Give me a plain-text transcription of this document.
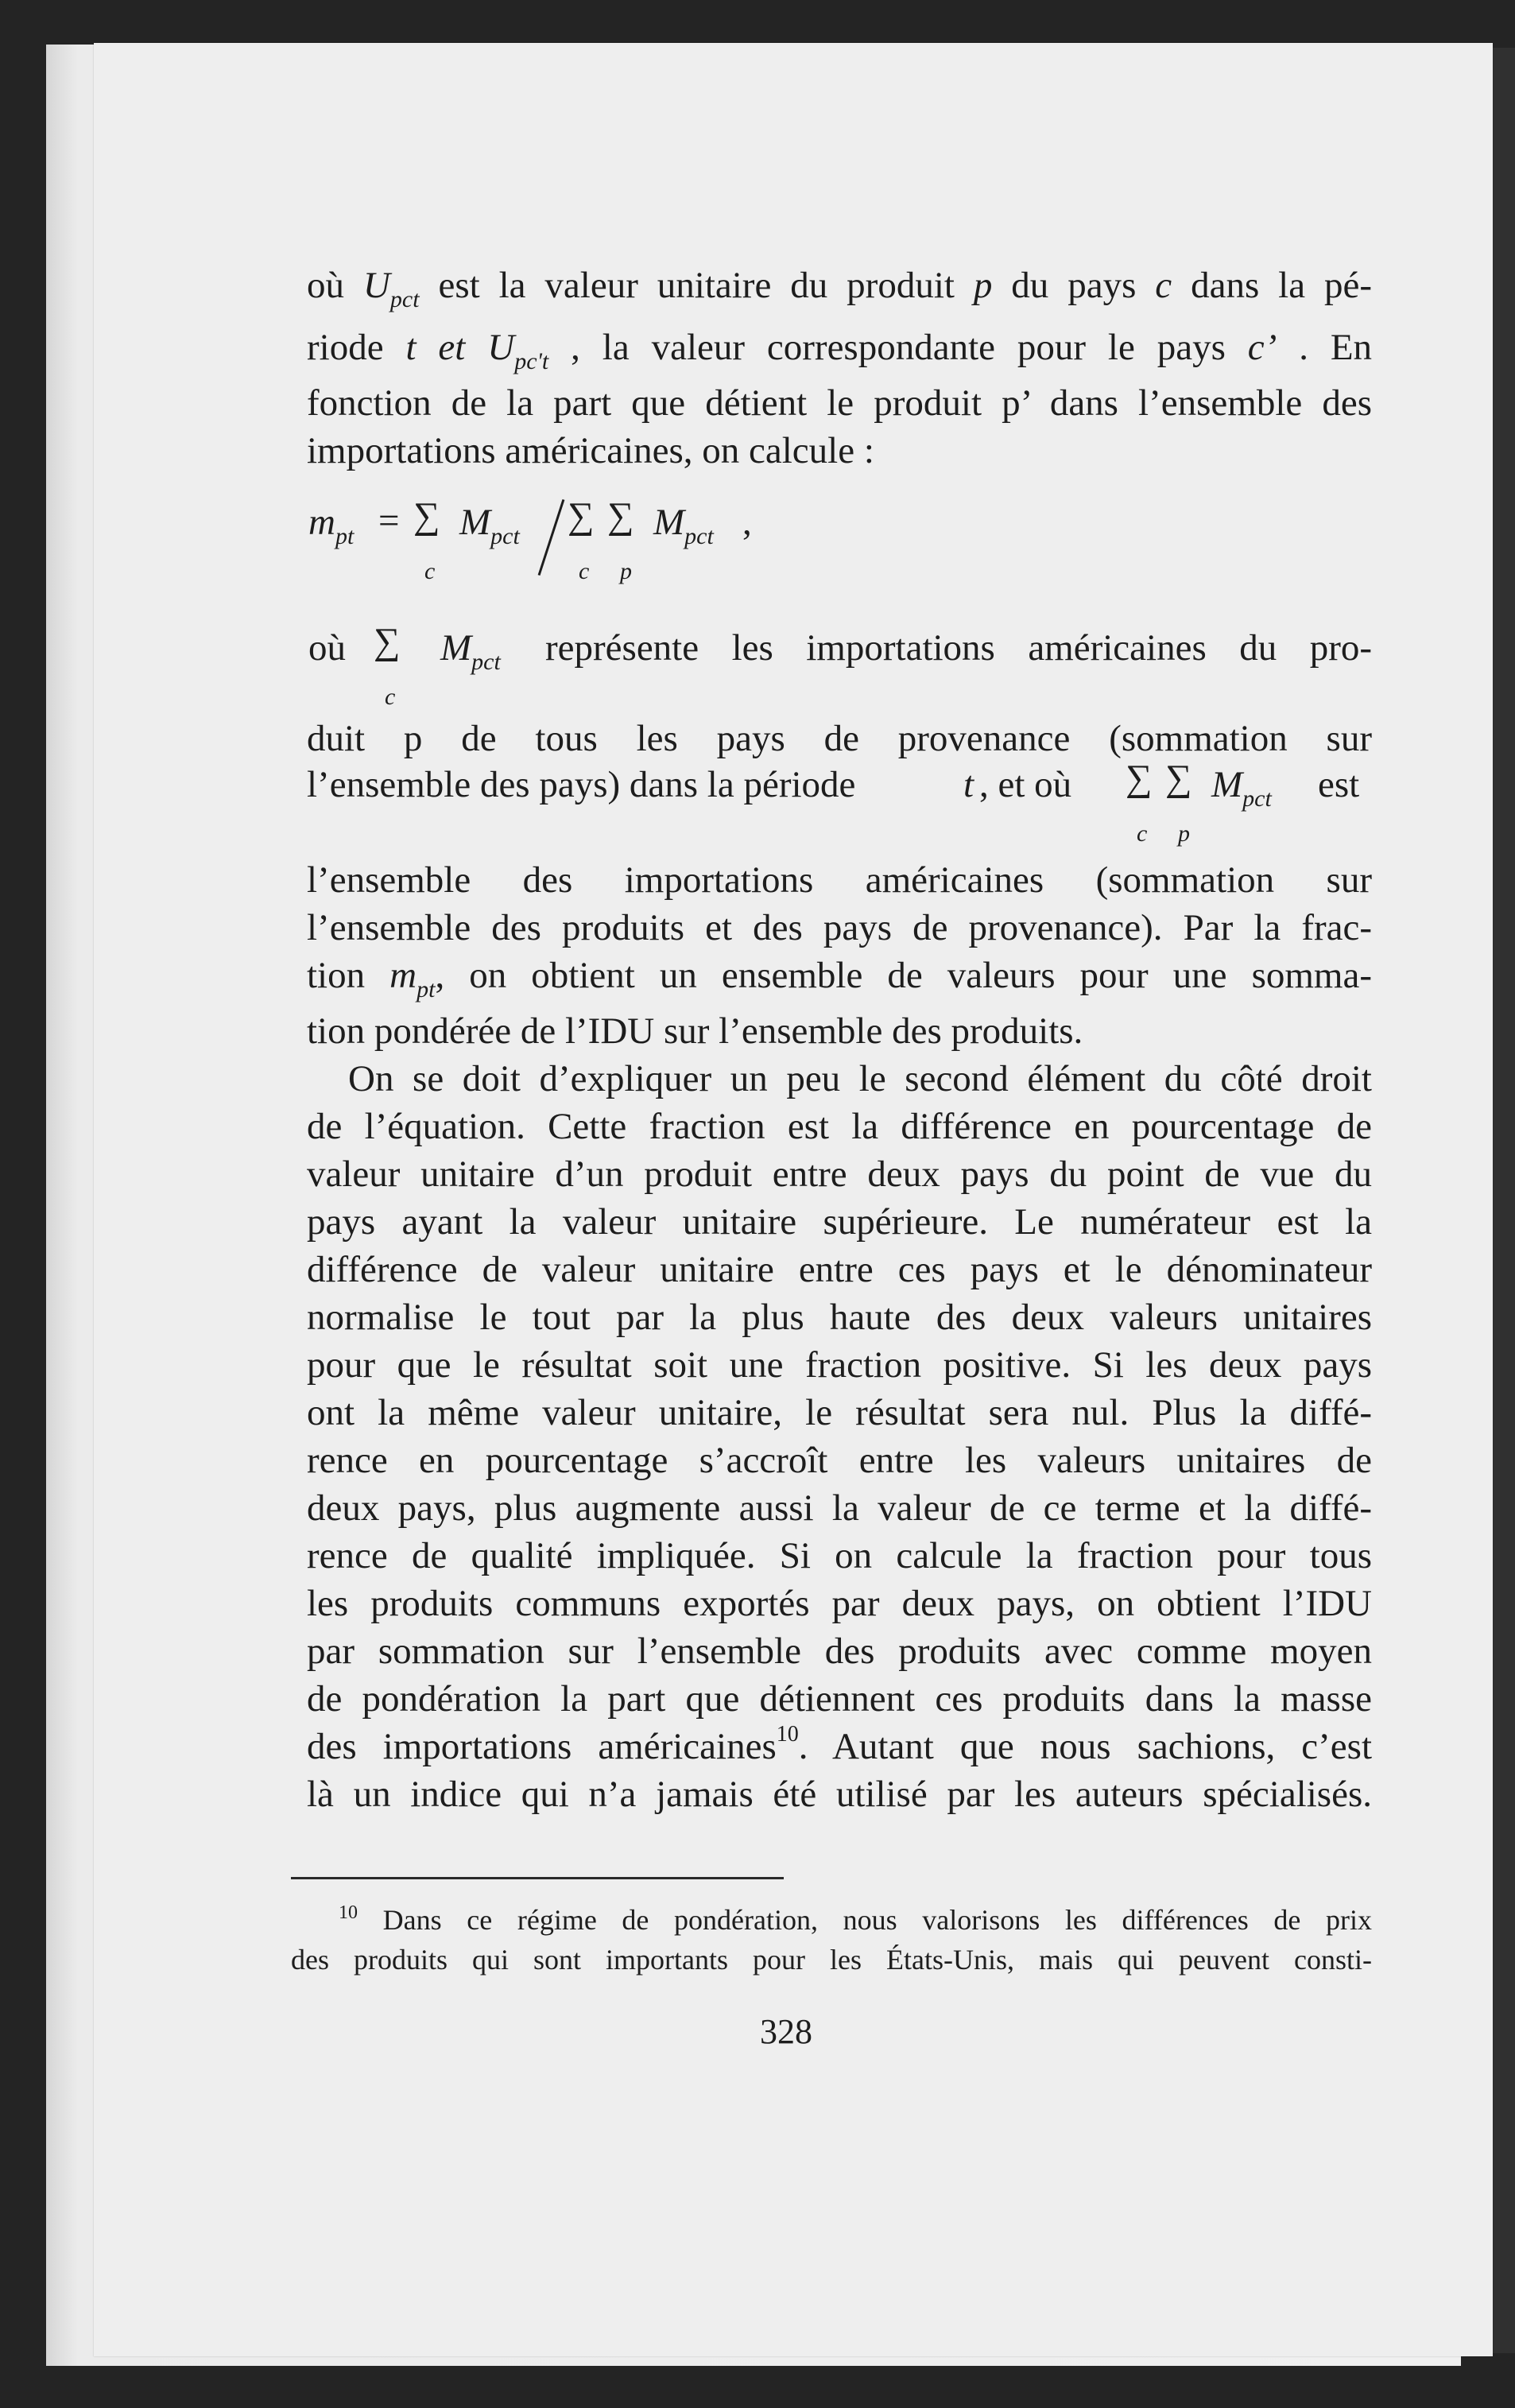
où $U_{pct}$ est la valeur unitaire du produit p du pays c dans la pé-
riode t et $U_{pc't}$ , la valeur correspondante pour le pays c’ . En
fonction de la part que détient le produit p’ dans l’ensemble des
importations américaines, on calcule :
$m_{pt}$ = ∑
c
$M_{pct}$ ∑
c
∑
p
$M_{pct}$ ,
où ∑
c
$M_{pct}$ représente les importations américaines du pro-
duit p de tous les pays de provenance (sommation sur
l’ensemble des pays) dans la période	t , et où ∑
c
∑
p
$M_{pct}$ est
l’ensemble des importations américaines (sommation sur
l’ensemble des produits et des pays de provenance). Par la frac-
tion $m_{pt}$, on obtient un ensemble de valeurs pour une somma-
tion pondérée de l’IDU sur l’ensemble des produits.
On se doit d’expliquer un peu le second élément du côté droit
de l’équation. Cette fraction est la différence en pourcentage de
valeur unitaire d’un produit entre deux pays du point de vue du
pays ayant la valeur unitaire supérieure. Le numérateur est la
différence de valeur unitaire entre ces pays et le dénominateur
normalise le tout par la plus haute des deux valeurs unitaires
pour que le résultat soit une fraction positive. Si les deux pays
ont la même valeur unitaire, le résultat sera nul. Plus la diffé-
rence en pourcentage s’accroît entre les valeurs unitaires de
deux pays, plus augmente aussi la valeur de ce terme et la diffé-
rence de qualité impliquée. Si on calcule la fraction pour tous
les produits communs exportés par deux pays, on obtient l’IDU
par sommation sur l’ensemble des produits avec comme moyen
de pondération la part que détiennent ces produits dans la masse
des importations américaines$^{10}$. Autant que nous sachions, c’est
là un indice qui n’a jamais été utilisé par les auteurs spécialisés.
$^{10}$ Dans ce régime de pondération, nous valorisons les différences de prix
des produits qui sont importants pour les États-Unis, mais qui peuvent consti-
328
